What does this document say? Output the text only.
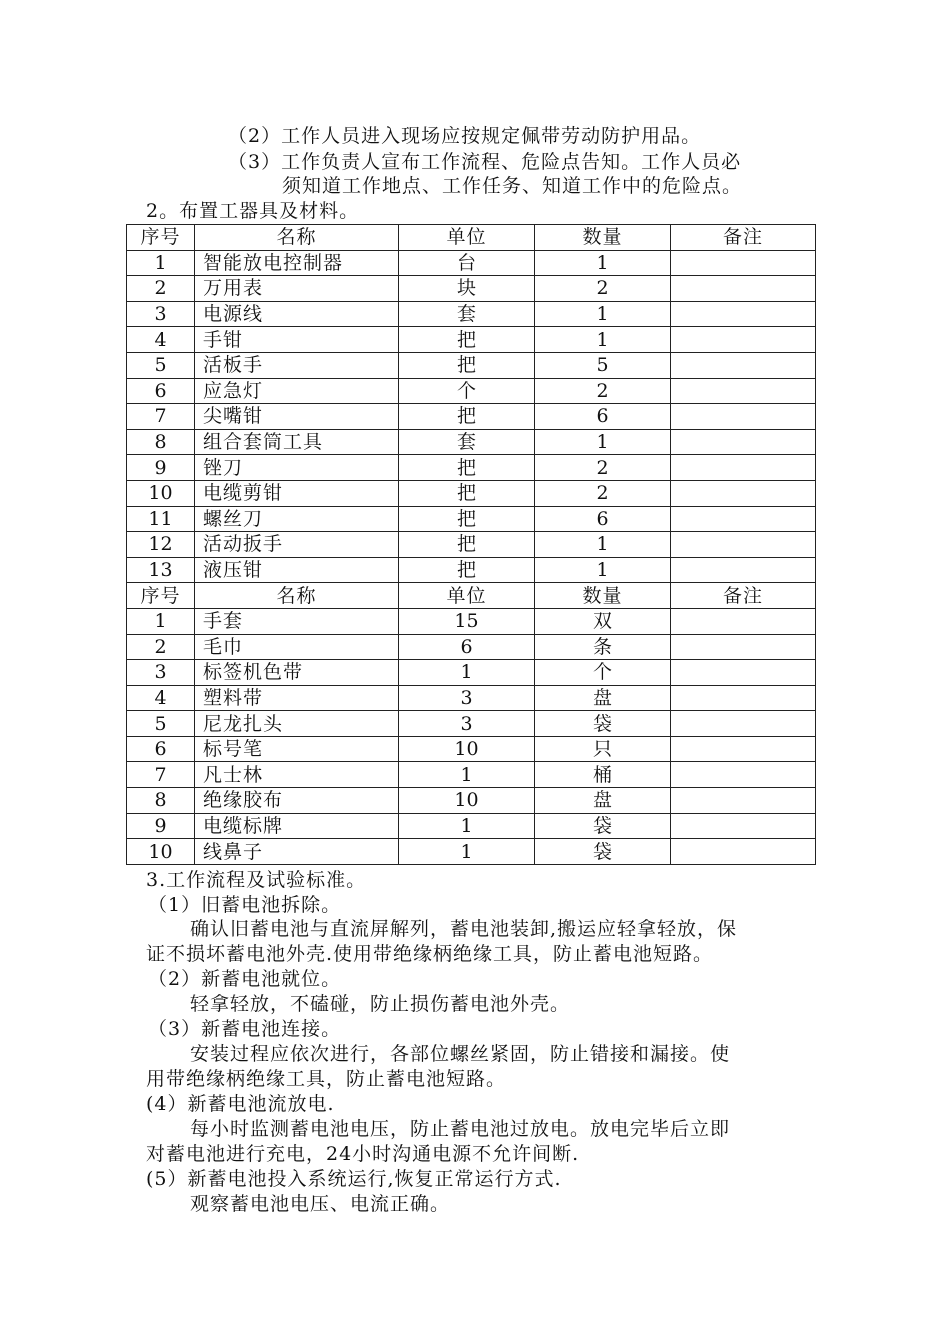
（2）工作人员进入现场应按规定佩带劳动防护用品。
（3）工作负责人宣布工作流程、危险点告知。工作人员必
须知道工作地点、工作任务、知道工作中的危险点。
2。布置工器具及材料。
序号	名称	单位	数量	备注
1	智能放电控制器	台	1	
2	万用表	块	2	
3	电源线	套	1	
4	手钳	把	1	
5	活板手	把	5	
6	应急灯	个	2	
7	尖嘴钳	把	6	
8	组合套筒工具	套	1	
9	锉刀	把	2	
10	电缆剪钳	把	2	
11	螺丝刀	把	6	
12	活动扳手	把	1	
13	液压钳	把	1	
序号	名称	单位	数量	备注
1	手套	15	双	
2	毛巾	6	条	
3	标签机色带	1	个	
4	塑料带	3	盘	
5	尼龙扎头	3	袋	
6	标号笔	10	只	
7	凡士林	1	桶	
8	绝缘胶布	10	盘	
9	电缆标牌	1	袋	
10	线鼻子	1	袋	
3.工作流程及试验标准。
（1）旧蓄电池拆除。
确认旧蓄电池与直流屏解列，蓄电池装卸,搬运应轻拿轻放，保
证不损坏蓄电池外壳.使用带绝缘柄绝缘工具，防止蓄电池短路。
（2）新蓄电池就位。
轻拿轻放，不磕碰，防止损伤蓄电池外壳。
（3）新蓄电池连接。
安装过程应依次进行，各部位螺丝紧固，防止错接和漏接。使
用带绝缘柄绝缘工具，防止蓄电池短路。
(4）新蓄电池流放电.
每小时监测蓄电池电压，防止蓄电池过放电。放电完毕后立即
对蓄电池进行充电，24小时沟通电源不允许间断.
(5）新蓄电池投入系统运行,恢复正常运行方式.
观察蓄电池电压、电流正确。
